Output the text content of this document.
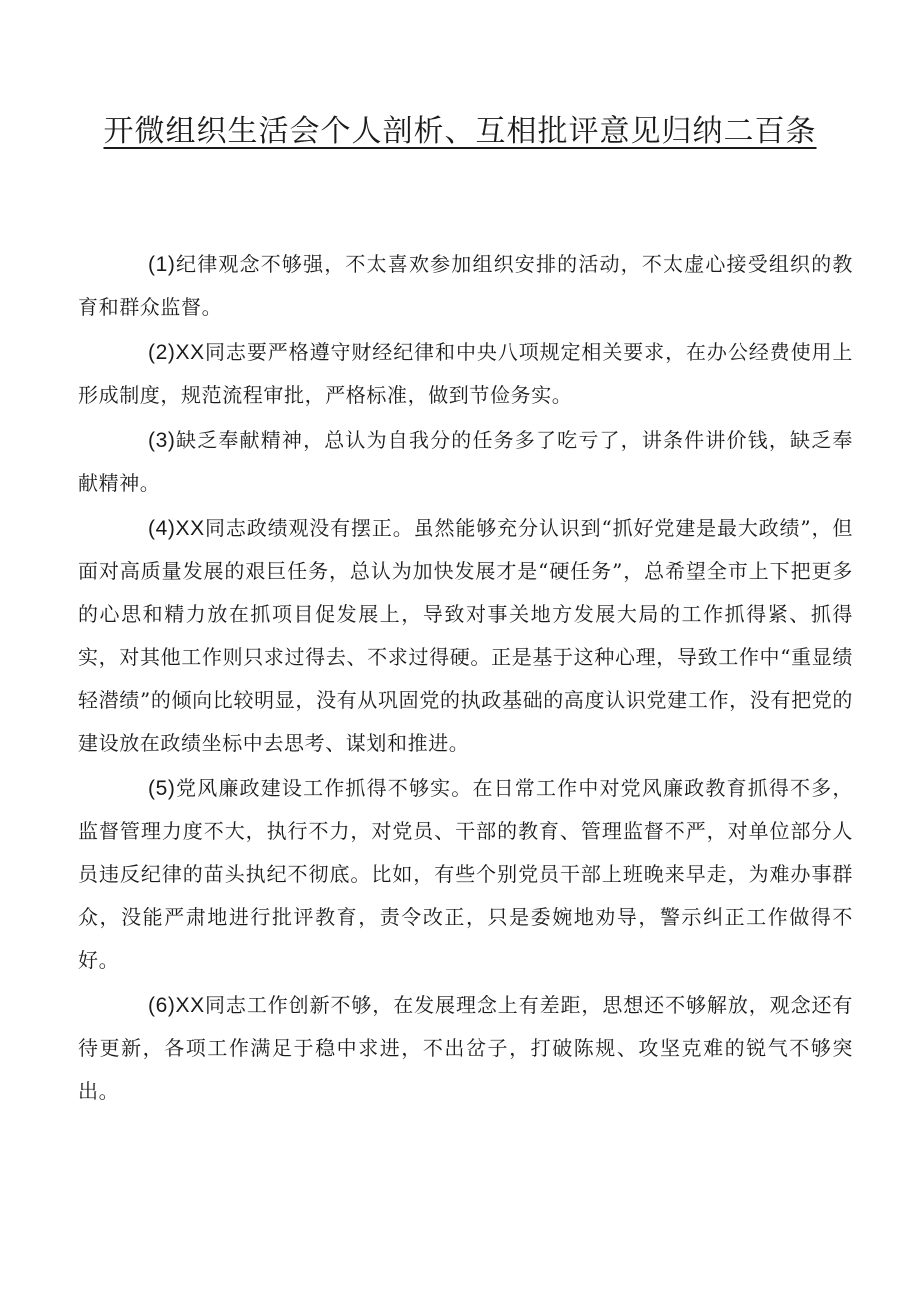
开微组织生活会个人剖析、互相批评意见归纳二百条

(1)纪律观念不够强，不太喜欢参加组织安排的活动，不太虚心接受组织的教育和群众监督。

(2)XX同志要严格遵守财经纪律和中央八项规定相关要求，在办公经费使用上形成制度，规范流程审批，严格标准，做到节俭务实。

(3)缺乏奉献精神，总认为自我分的任务多了吃亏了，讲条件讲价钱，缺乏奉献精神。

(4)XX同志政绩观没有摆正。虽然能够充分认识到“抓好党建是最大政绩”，但面对高质量发展的艰巨任务，总认为加快发展才是“硬任务”，总希望全市上下把更多的心思和精力放在抓项目促发展上，导致对事关地方发展大局的工作抓得紧、抓得实，对其他工作则只求过得去、不求过得硬。正是基于这种心理，导致工作中“重显绩轻潜绩”的倾向比较明显，没有从巩固党的执政基础的高度认识党建工作，没有把党的建设放在政绩坐标中去思考、谋划和推进。

(5)党风廉政建设工作抓得不够实。在日常工作中对党风廉政教育抓得不多，监督管理力度不大，执行不力，对党员、干部的教育、管理监督不严，对单位部分人员违反纪律的苗头执纪不彻底。比如，有些个别党员干部上班晚来早走，为难办事群众，没能严肃地进行批评教育，责令改正，只是委婉地劝导，警示纠正工作做得不好。

(6)XX同志工作创新不够，在发展理念上有差距，思想还不够解放，观念还有待更新，各项工作满足于稳中求进，不出岔子，打破陈规、攻坚克难的锐气不够突出。
